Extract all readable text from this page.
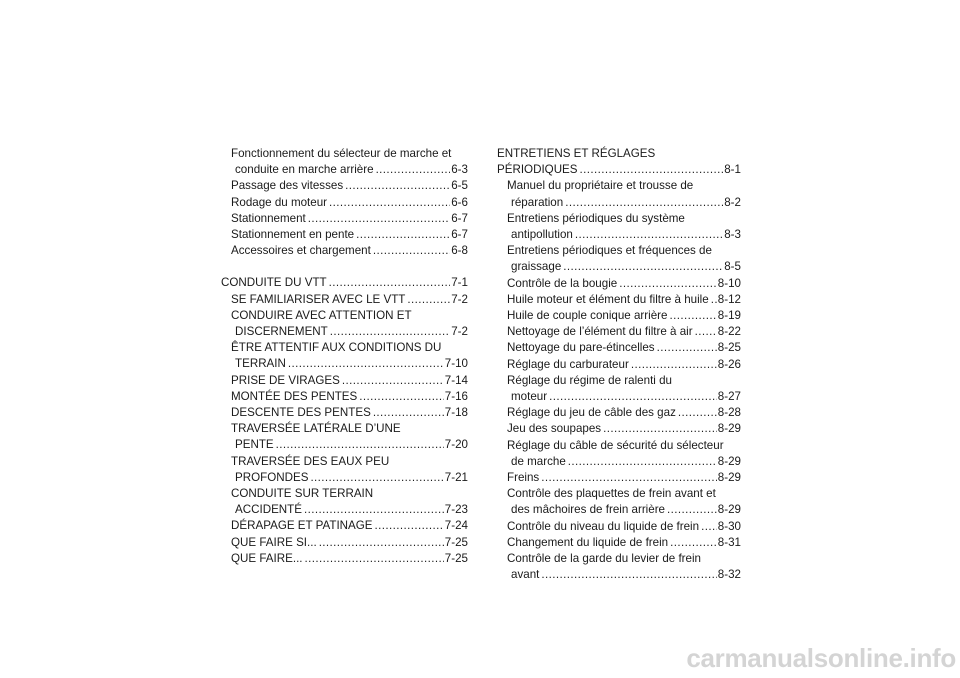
Fonctionnement du sélecteur de marche et
conduite en marche arrière .....	6-3
Passage des vitesses .....	6-5
Rodage du moteur .....	6-6
Stationnement .....	6-7
Stationnement en pente .....	6-7
Accessoires et chargement .....	6-8
CONDUITE DU VTT .....	7-1
SE FAMILIARISER AVEC LE VTT .....	7-2
CONDUIRE AVEC ATTENTION ET
DISCERNEMENT .....	7-2
ÊTRE ATTENTIF AUX CONDITIONS DU
TERRAIN .....	7-10
PRISE DE VIRAGES .....	7-14
MONTÉE DES PENTES .....	7-16
DESCENTE DES PENTES .....	7-18
TRAVERSÉE LATÉRALE D’UNE
PENTE .....	7-20
TRAVERSÉE DES EAUX PEU
PROFONDES .....	7-21
CONDUITE SUR TERRAIN
ACCIDENTÉ .....	7-23
DÉRAPAGE ET PATINAGE .....	7-24
QUE FAIRE SI... .....	7-25
QUE FAIRE... .....	7-25
ENTRETIENS ET RÉGLAGES
PÉRIODIQUES .....	8-1
Manuel du propriétaire et trousse de
réparation .....	8-2
Entretiens périodiques du système
antipollution .....	8-3
Entretiens périodiques et fréquences de
graissage .....	8-5
Contrôle de la bougie .....	8-10
Huile moteur et élément du filtre à huile ..... 8-12
Huile de couple conique arrière .....	8-19
Nettoyage de l’élément du filtre à air ..... 8-22
Nettoyage du pare-étincelles .....	8-25
Réglage du carburateur .....	8-26
Réglage du régime de ralenti du
moteur .....	8-27
Réglage du jeu de câble des gaz .....	8-28
Jeu des soupapes .....	8-29
Réglage du câble de sécurité du sélecteur
de marche .....	8-29
Freins .....	8-29
Contrôle des plaquettes de frein avant et
des mâchoires de frein arrière .....	8-29
Contrôle du niveau du liquide de frein ..... 8-30
Changement du liquide de frein .....	8-31
Contrôle de la garde du levier de frein
avant .....	8-32
carmanualsonline.info
